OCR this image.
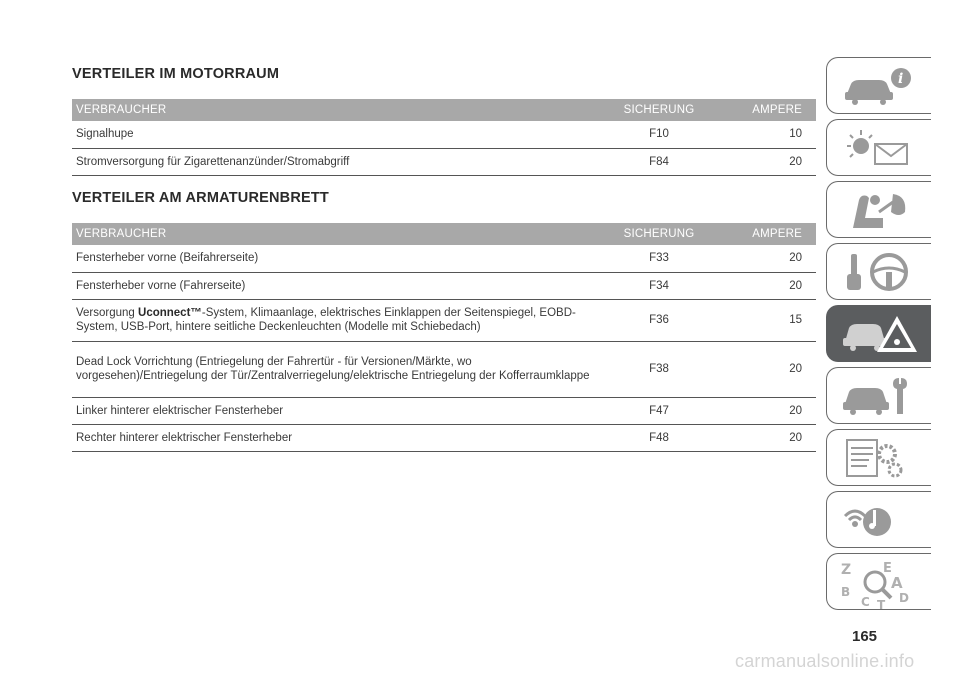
VERTEILER IM MOTORRAUM
VERBRAUCHER	SICHERUNG	AMPERE
Signalhupe	F10	10
Stromversorgung für Zigarettenanzünder/Stromabgriff	F84	20
VERTEILER AM ARMATURENBRETT
VERBRAUCHER	SICHERUNG	AMPERE
Fensterheber vorne (Beifahrerseite)	F33	20
Fensterheber vorne (Fahrerseite)	F34	20
Versorgung Uconnect™-System, Klimaanlage, elektrisches Einklappen der Seitenspiegel, EOBD-System, USB-Port, hintere seitliche Deckenleuchten (Modelle mit Schiebedach)	F36	15
Dead Lock Vorrichtung (Entriegelung der Fahrertür - für Versionen/Märkte, wo vorgesehen)/Entriegelung der Tür/Zentralverriegelung/elektrische Entriegelung der Kofferraumklappe	F38	20
Linker hinterer elektrischer Fensterheber	F47	20
Rechter hinterer elektrischer Fensterheber	F48	20
i
Z E
B	A
C D
T
165
carmanualsonline.info
